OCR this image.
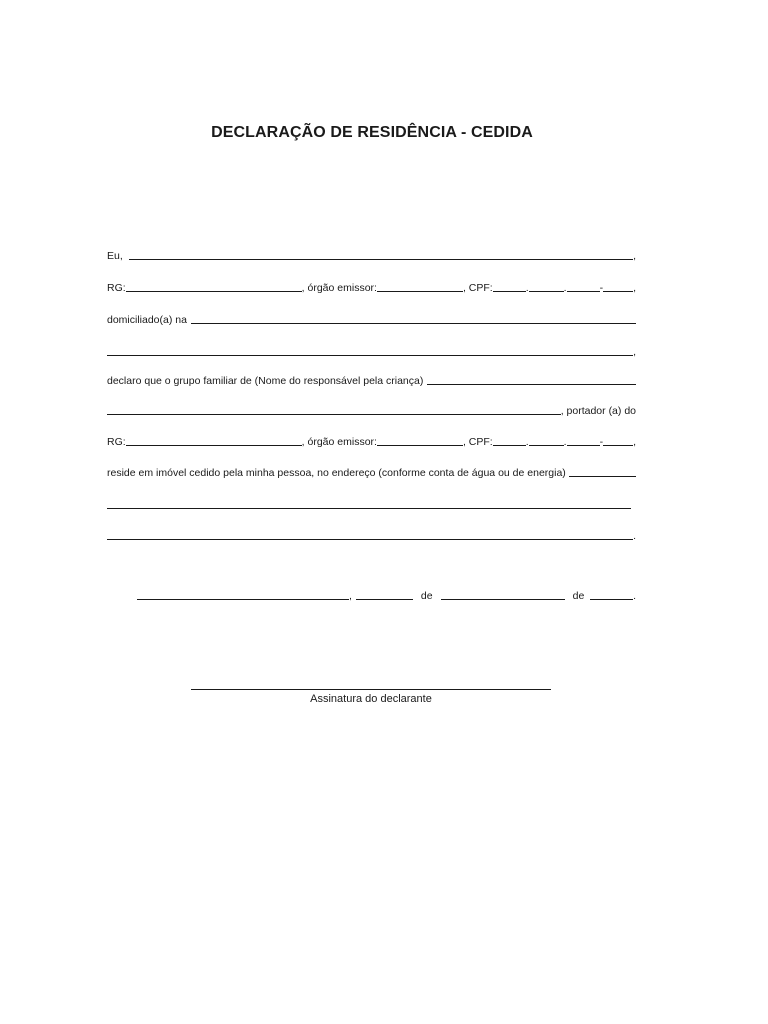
DECLARAÇÃO DE RESIDÊNCIA - CEDIDA
Eu,	,
RG:	, órgão emissor:	, CPF:	.	.	-	,
domiciliado(a) na
,
declaro que o grupo familiar de (Nome do responsável pela criança)
, portador (a) do
RG:	, órgão emissor:	, CPF:	.	.	-	,
reside em imóvel cedido pela minha pessoa, no endereço (conforme conta de água ou de energia)
.
,	de	de	.
Assinatura do declarante
